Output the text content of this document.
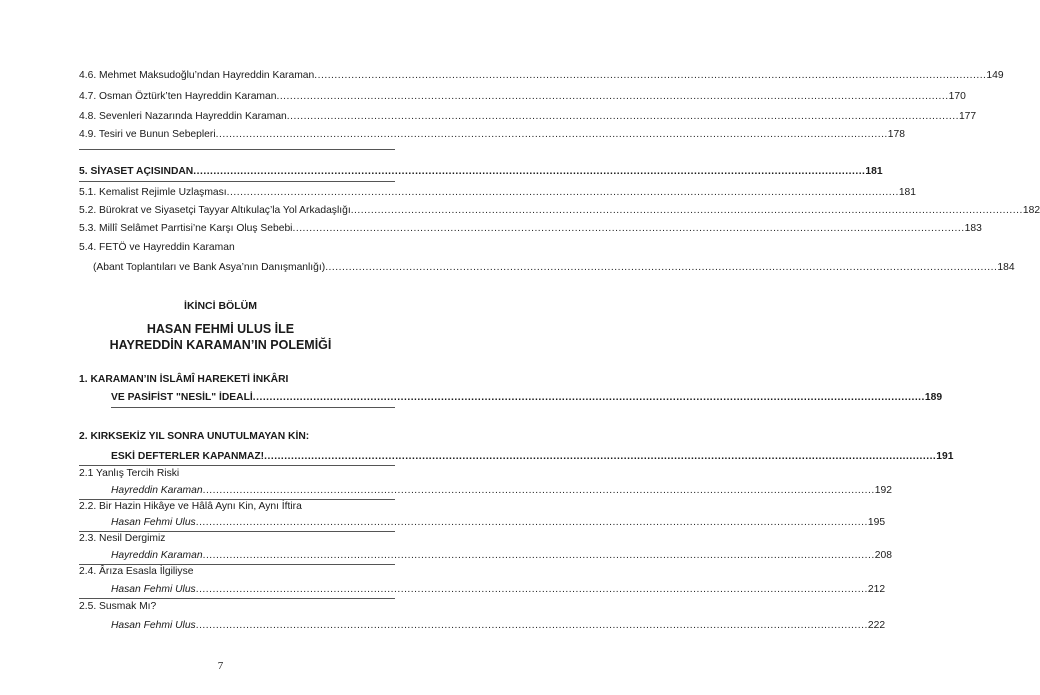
4.6. Mehmet Maksudoğlu’ndan Hayreddin Karaman ........................................................................................................................................................................................................ 149
4.7. Osman Öztürk’ten Hayreddin Karaman ........................................................................................................................................................................................................ 170
4.8. Sevenleri Nazarında Hayreddin Karaman ........................................................................................................................................................................................................ 177
4.9. Tesiri ve Bunun Sebepleri ........................................................................................................................................................................................................ 178
5. SİYASET AÇISINDAN ........................................................................................................................................................................................................ 181
5.1. Kemalist Rejimle Uzlaşması ........................................................................................................................................................................................................ 181
5.2. Bürokrat ve Siyasetçi Tayyar Altıkulaç’la Yol Arkadaşlığı ........................................................................................................................................................................................................ 182
5.3. Millî Selâmet Parrtisi’ne Karşı Oluş Sebebi ........................................................................................................................................................................................................ 183
5.4. FETÖ ve Hayreddin Karaman
(Abant Toplantıları ve Bank Asya’nın Danışmanlığı) ........................................................................................................................................................................................................ 184
İKİNCİ BÖLÜM
HASAN FEHMİ ULUS İLE
HAYREDDİN KARAMAN’IN POLEMİĞİ
1. KARAMAN’IN İSLÂMÎ HAREKETİ İNKÂRI
VE PASİFİST "NESİL" İDEALİ ........................................................................................................................................................................................................ 189
2. KIRKSEKİZ YIL SONRA UNUTULMAYAN KİN:
ESKİ DEFTERLER KAPANMAZ! ........................................................................................................................................................................................................ 191
2.1 Yanlış Tercih Riski
Hayreddin Karaman ........................................................................................................................................................................................................ 192
2.2. Bir Hazin Hikâye ve Hâlâ Aynı Kin, Aynı İftira
Hasan Fehmi Ulus ........................................................................................................................................................................................................ 195
2.3. Nesil Dergimiz
Hayreddin Karaman ........................................................................................................................................................................................................ 208
2.4. Ârıza Esasla İlgiliyse
Hasan Fehmi Ulus ........................................................................................................................................................................................................ 212
2.5. Susmak Mı?
Hasan Fehmi Ulus ........................................................................................................................................................................................................ 222
7
